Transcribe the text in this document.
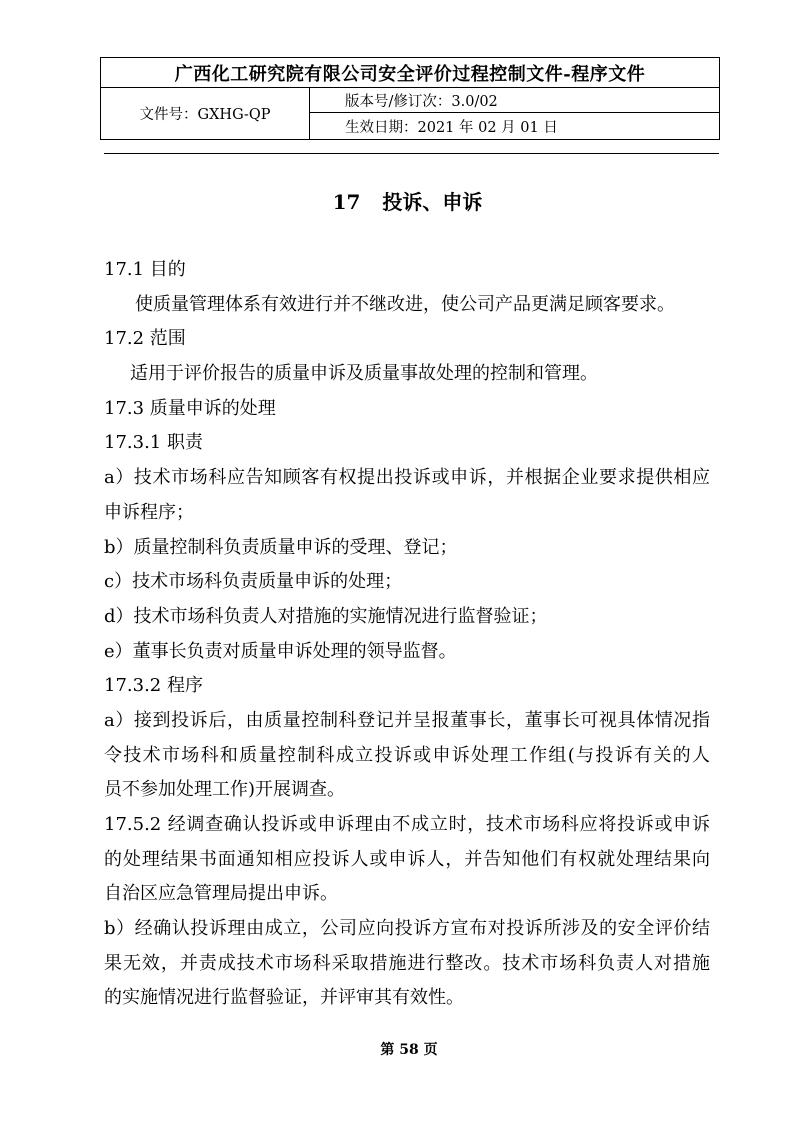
广西化工研究院有限公司安全评价过程控制文件-程序文件
文件号：GXHG-QP	版本号/修订次：3.0/02
生效日期：2021 年 02 月 01 日
17 投诉、申诉
17.1 目的
使质量管理体系有效进行并不继改进，使公司产品更满足顾客要求。
17.2 范围
适用于评价报告的质量申诉及质量事故处理的控制和管理。
17.3 质量申诉的处理
17.3.1 职责
a）技术市场科应告知顾客有权提出投诉或申诉，并根据企业要求提供相应
申诉程序；
b）质量控制科负责质量申诉的受理、登记；
c）技术市场科负责质量申诉的处理；
d）技术市场科负责人对措施的实施情况进行监督验证；
e）董事长负责对质量申诉处理的领导监督。
17.3.2 程序
a）接到投诉后，由质量控制科登记并呈报董事长，董事长可视具体情况指
令技术市场科和质量控制科成立投诉或申诉处理工作组(与投诉有关的人
员不参加处理工作)开展调查。
17.5.2 经调查确认投诉或申诉理由不成立时，技术市场科应将投诉或申诉
的处理结果书面通知相应投诉人或申诉人，并告知他们有权就处理结果向
自治区应急管理局提出申诉。
b）经确认投诉理由成立，公司应向投诉方宣布对投诉所涉及的安全评价结
果无效，并责成技术市场科采取措施进行整改。技术市场科负责人对措施
的实施情况进行监督验证，并评审其有效性。
第 58 页
